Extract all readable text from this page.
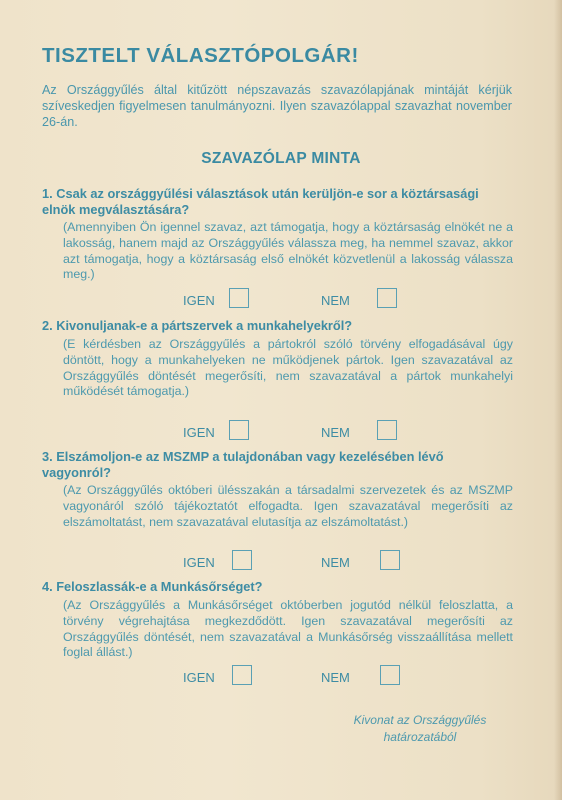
TISZTELT VÁLASZTÓPOLGÁR!

Az Országgyűlés által kitűzött népszavazás szavazólapjának mintáját kérjük szíveskedjen figyelmesen tanulmányozni. Ilyen szavazólappal szavazhat november 26-án.

SZAVAZÓLAP MINTA

1. Csak az országgyűlési választások után kerüljön-e sor a köztársasági elnök megválasztására?

(Amennyiben Ön igennel szavaz, azt támogatja, hogy a köztársaság elnökét ne a lakosság, hanem majd az Országgyűlés válassza meg, ha nemmel szavaz, akkor azt támogatja, hogy a köztársaság első elnökét közvetlenül a lakosság válassza meg.)

IGEN	NEM

2. Kivonuljanak-e a pártszervek a munkahelyekről?

(E kérdésben az Országgyűlés a pártokról szóló törvény elfogadásával úgy döntött, hogy a munkahelyeken ne működjenek pártok. Igen szavazatával az Országgyűlés döntését megerősíti, nem szavazatával a pártok munkahelyi működését támogatja.)

IGEN	NEM

3. Elszámoljon-e az MSZMP a tulajdonában vagy kezelésében lévő vagyonról?

(Az Országgyűlés októberi ülésszakán a társadalmi szervezetek és az MSZMP vagyonáról szóló tájékoztatót elfogadta. Igen szavazatával megerősíti az elszámoltatást, nem szavazatával elutasítja az elszámoltatást.)

IGEN	NEM

4. Feloszlassák-e a Munkásőrséget?

(Az Országgyűlés a Munkásőrséget októberben jogutód nélkül feloszlatta, a törvény végrehajtása megkezdődött. Igen szavazatával megerősíti az Országgyűlés döntését, nem szavazatával a Munkásőrség visszaállítása mellett foglal állást.)

IGEN	NEM

Kivonat az Országgyűlés

határozatából
